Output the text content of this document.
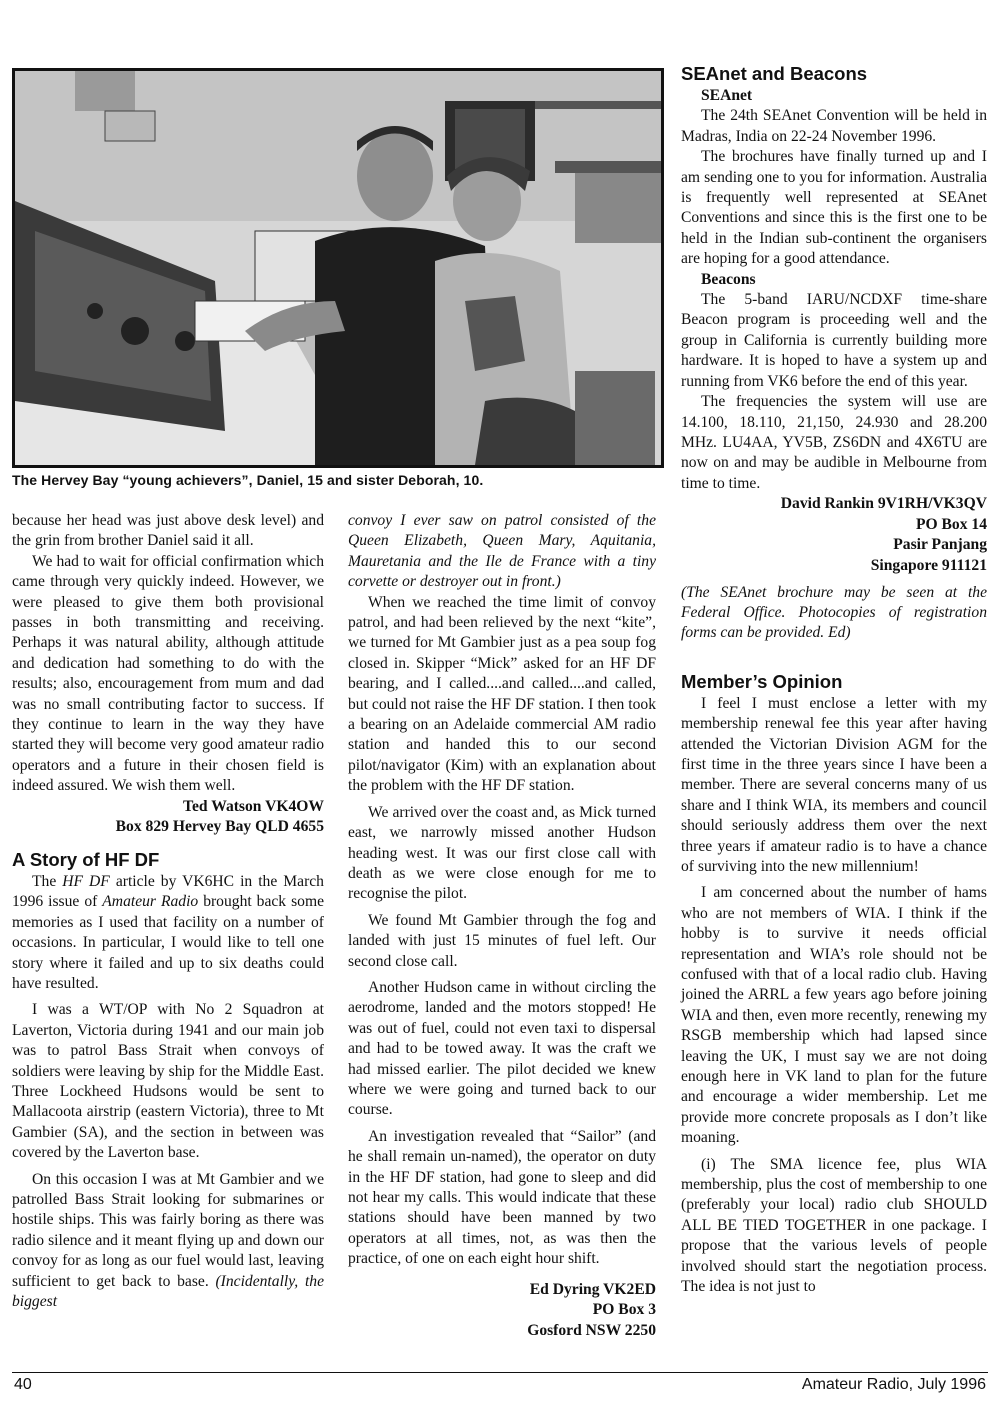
The Hervey Bay “young achievers”, Daniel, 15 and sister Deborah, 10.

because her head was just above desk level) and the grin from brother Daniel said it all.

We had to wait for official confirmation which came through very quickly indeed. However, we were pleased to give them both provisional passes in both transmitting and receiving. Perhaps it was natural ability, although attitude and dedication had something to do with the results; also, encouragement from mum and dad was no small contributing factor to success. If they continue to learn in the way they have started they will become very good amateur radio operators and a future in their chosen field is indeed assured. We wish them well.

Ted Watson VK4OW

Box 829 Hervey Bay QLD 4655

A Story of HF DF

The HF DF article by VK6HC in the March 1996 issue of Amateur Radio brought back some memories as I used that facility on a number of occasions. In particular, I would like to tell one story where it failed and up to six deaths could have resulted.

I was a WT/OP with No 2 Squadron at Laverton, Victoria during 1941 and our main job was to patrol Bass Strait when convoys of soldiers were leaving by ship for the Middle East. Three Lockheed Hudsons would be sent to Mallacoota airstrip (eastern Victoria), three to Mt Gambier (SA), and the section in between was covered by the Laverton base.

On this occasion I was at Mt Gambier and we patrolled Bass Strait looking for submarines or hostile ships. This was fairly boring as there was radio silence and it meant flying up and down our convoy for as long as our fuel would last, leaving sufficient to get back to base. (Incidentally, the biggest

convoy I ever saw on patrol consisted of the Queen Elizabeth, Queen Mary, Aquitania, Mauretania and the Ile de France with a tiny corvette or destroyer out in front.)

When we reached the time limit of convoy patrol, and had been relieved by the next “kite”, we turned for Mt Gambier just as a pea soup fog closed in. Skipper “Mick” asked for an HF DF bearing, and I called....and called....and called, but could not raise the HF DF station. I then took a bearing on an Adelaide commercial AM radio station and handed this to our second pilot/navigator (Kim) with an explanation about the problem with the HF DF station.

We arrived over the coast and, as Mick turned east, we narrowly missed another Hudson heading west. It was our first close call with death as we were close enough for me to recognise the pilot.

We found Mt Gambier through the fog and landed with just 15 minutes of fuel left. Our second close call.

Another Hudson came in without circling the aerodrome, landed and the motors stopped! He was out of fuel, could not even taxi to dispersal and had to be towed away. It was the craft we had missed earlier. The pilot decided we knew where we were going and turned back to our course.

An investigation revealed that “Sailor” (and he shall remain un-named), the operator on duty in the HF DF station, had gone to sleep and did not hear my calls. This would indicate that these stations should have been manned by two operators at all times, not, as was then the practice, of one on each eight hour shift.

Ed Dyring VK2ED

PO Box 3

Gosford NSW 2250

SEAnet and Beacons

SEAnet

The 24th SEAnet Convention will be held in Madras, India on 22-24 November 1996.

The brochures have finally turned up and I am sending one to you for information. Australia is frequently well represented at SEAnet Conventions and since this is the first one to be held in the Indian sub-continent the organisers are hoping for a good attendance.

Beacons

The 5-band IARU/NCDXF time-share Beacon program is proceeding well and the group in California is currently building more hardware. It is hoped to have a system up and running from VK6 before the end of this year.

The frequencies the system will use are 14.100, 18.110, 21,150, 24.930 and 28.200 MHz. LU4AA, YV5B, ZS6DN and 4X6TU are now on and may be audible in Melbourne from time to time.

David Rankin 9V1RH/VK3QV

PO Box 14

Pasir Panjang

Singapore 911121

(The SEAnet brochure may be seen at the Federal Office. Photocopies of registration forms can be provided. Ed)

Member’s Opinion

I feel I must enclose a letter with my membership renewal fee this year after having attended the Victorian Division AGM for the first time in the three years since I have been a member. There are several concerns many of us share and I think WIA, its members and council should seriously address them over the next three years if amateur radio is to have a chance of surviving into the new millennium!

I am concerned about the number of hams who are not members of WIA. I think if the hobby is to survive it needs official representation and WIA’s role should not be confused with that of a local radio club. Having joined the ARRL a few years ago before joining WIA and then, even more recently, renewing my RSGB membership which had lapsed since leaving the UK, I must say we are not doing enough here in VK land to plan for the future and encourage a wider membership. Let me provide more concrete proposals as I don’t like moaning.

(i) The SMA licence fee, plus WIA membership, plus the cost of membership to one (preferably your local) radio club SHOULD ALL BE TIED TOGETHER in one package. I propose that the various levels of people involved should start the negotiation process. The idea is not just to

40	Amateur Radio, July 1996
